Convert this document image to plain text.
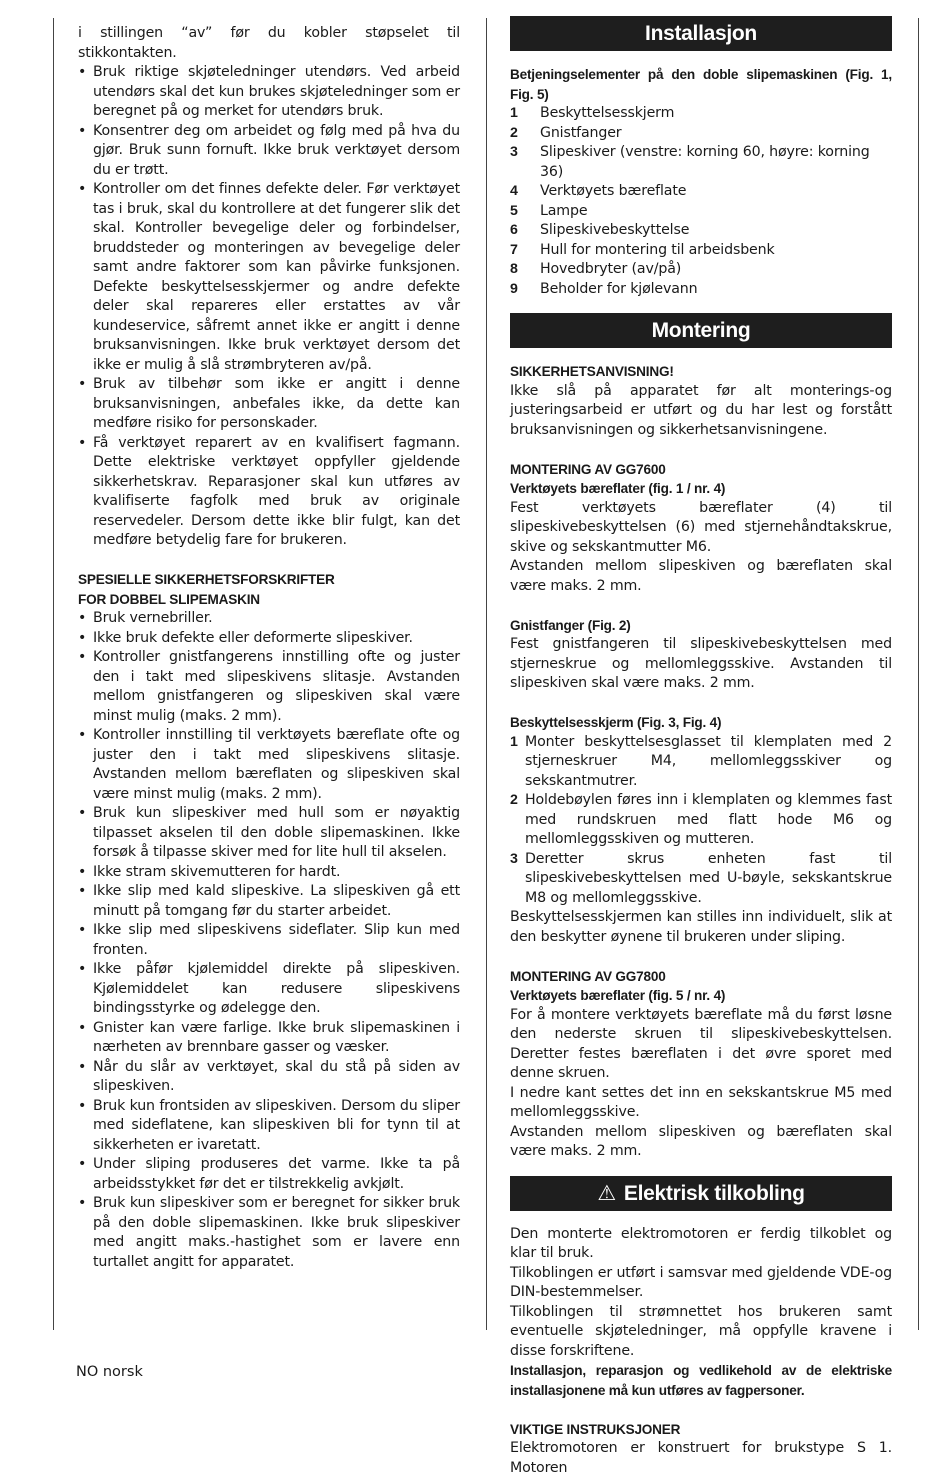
i stillingen “av” før du kobler støpselet til stikkontakten.

• Bruk riktige skjøteledninger utendørs. Ved arbeid utendørs skal det kun brukes skjøteledninger som er beregnet på og merket for utendørs bruk.
• Konsentrer deg om arbeidet og følg med på hva du gjør. Bruk sunn fornuft. Ikke bruk verktøyet dersom du er trøtt.
• Kontroller om det finnes defekte deler. Før verktøyet tas i bruk, skal du kontrollere at det fungerer slik det skal. Kontroller bevegelige deler og forbindelser, bruddsteder og monteringen av bevegelige deler samt andre faktorer som kan påvirke funksjonen. Defekte beskyttelsesskjermer og andre defekte deler skal repareres eller erstattes av vår kundeservice, såfremt annet ikke er angitt i denne bruksanvisningen. Ikke bruk verktøyet dersom det ikke er mulig å slå strømbryteren av/på.
• Bruk av tilbehør som ikke er angitt i denne bruksanvisningen, anbefales ikke, da dette kan medføre risiko for personskader.
• Få verktøyet reparert av en kvalifisert fagmann. Dette elektriske verktøyet oppfyller gjeldende sikkerhetskrav. Reparasjoner skal kun utføres av kvalifiserte fagfolk med bruk av originale reservedeler. Dersom dette ikke blir fulgt, kan det medføre betydelig fare for brukeren.

SPESIELLE SIKKERHETSFORSKRIFTER

FOR DOBBEL SLIPEMASKIN

• Bruk vernebriller.
• Ikke bruk defekte eller deformerte slipeskiver.
• Kontroller gnistfangerens innstilling ofte og juster den i takt med slipeskivens slitasje. Avstanden mellom gnistfangeren og slipeskiven skal være minst mulig (maks. 2 mm).
• Kontroller innstilling til verktøyets bæreflate ofte og juster den i takt med slipeskivens slitasje. Avstanden mellom bæreflaten og slipeskiven skal være minst mulig (maks. 2 mm).
• Bruk kun slipeskiver med hull som er nøyaktig tilpasset akselen til den doble slipemaskinen. Ikke forsøk å tilpasse skiver med for lite hull til akselen.
• Ikke stram skivemutteren for hardt.
• Ikke slip med kald slipeskive. La slipeskiven gå ett minutt på tomgang før du starter arbeidet.
• Ikke slip med slipeskivens sideflater. Slip kun med fronten.
• Ikke påfør kjølemiddel direkte på slipeskiven. Kjølemiddelet kan redusere slipeskivens bindingsstyrke og ødelegge den.
• Gnister kan være farlige. Ikke bruk slipemaskinen i nærheten av brennbare gasser og væsker.
• Når du slår av verktøyet, skal du stå på siden av slipeskiven.
• Bruk kun frontsiden av slipeskiven. Dersom du sliper med sideflatene, kan slipeskiven bli for tynn til at sikkerheten er ivaretatt.
• Under sliping produseres det varme. Ikke ta på arbeidsstykket før det er tilstrekkelig avkjølt.
• Bruk kun slipeskiver som er beregnet for sikker bruk på den doble slipemaskinen. Ikke bruk slipeskiver med angitt maks.-hastighet som er lavere enn turtallet angitt for apparatet.
Installasjon

Betjeningselementer på den doble slipemaskinen (Fig. 1, Fig. 5)

1	Beskyttelsesskjerm
2	Gnistfanger
3	Slipeskiver (venstre: korning 60, høyre: korning 36)
4	Verktøyets bæreflate
5	Lampe
6	Slipeskivebeskyttelse
7	Hull for montering til arbeidsbenk
8	Hovedbryter (av/på)
9	Beholder for kjølevann
Montering

SIKKERHETSANVISNING!

Ikke slå på apparatet før alt monterings-og justeringsarbeid er utført og du har lest og forstått bruksanvisningen og sikkerhetsanvisningene.

MONTERING AV GG7600

Verktøyets bæreflater (fig. 1 / nr. 4)

Fest verktøyets bæreflater (4) til slipeskivebeskyttelsen (6) med stjernehåndtakskrue, skive og sekskantmutter M6.

Avstanden mellom slipeskiven og bæreflaten skal være maks. 2 mm.

Gnistfanger (Fig. 2)

Fest gnistfangeren til slipeskivebeskyttelsen med stjerneskrue og mellomleggsskive. Avstanden til slipeskiven skal være maks. 2 mm.

Beskyttelsesskjerm (Fig. 3, Fig. 4)

1 Monter beskyttelsesglasset til klemplaten med 2 stjerneskruer M4, mellomleggsskiver og sekskantmutrer.
2 Holdebøylen føres inn i klemplaten og klemmes fast med rundskruen med flatt hode M6 og mellomleggsskiven og mutteren.
3 Deretter skrus enheten fast til slipeskivebeskyttelsen med U-bøyle, sekskantskrue M8 og mellomleggsskive.

Beskyttelsesskjermen kan stilles inn individuelt, slik at den beskytter øynene til brukeren under sliping.

MONTERING AV GG7800

Verktøyets bæreflater (fig. 5 / nr. 4)

For å montere verktøyets bæreflate må du først løsne den nederste skruen til slipeskivebeskyttelsen. Deretter festes bæreflaten i det øvre sporet med denne skruen.

I nedre kant settes det inn en sekskantskrue M5 med mellomleggsskive.

Avstanden mellom slipeskiven og bæreflaten skal være maks. 2 mm.

⚠ Elektrisk tilkobling

Den monterte elektromotoren er ferdig tilkoblet og klar til bruk.

Tilkoblingen er utført i samsvar med gjeldende VDE-og DIN-bestemmelser.

Tilkoblingen til strømnettet hos brukeren samt eventuelle skjøteledninger, må oppfylle kravene i disse forskriftene.

Installasjon, reparasjon og vedlikehold av de elektriske installasjonene må kun utføres av fagpersoner.

VIKTIGE INSTRUKSJONER

Elektromotoren er konstruert for brukstype S 1. Motoren

NO norsk
